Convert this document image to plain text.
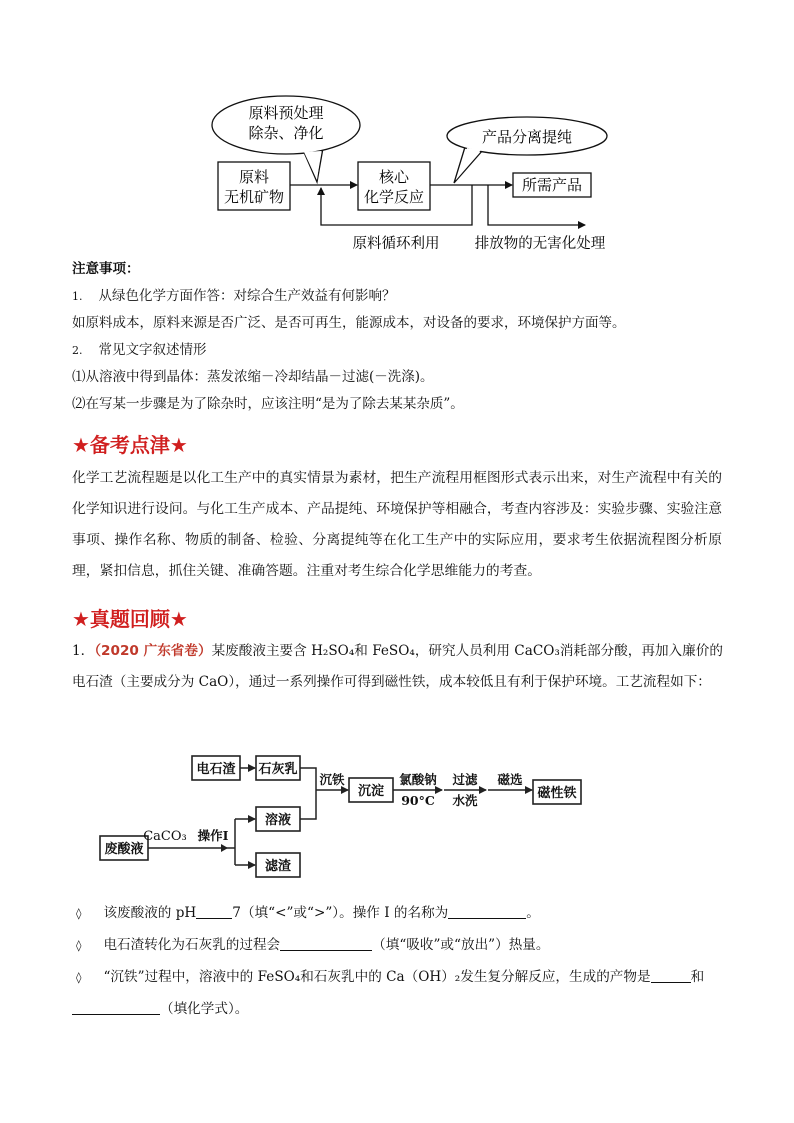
原料预处理
除杂、净化	产品分离提纯
原料
无机矿物
核心
化学反应
所需产品
原料循环利用 排放物的无害化处理
注意事项：
1. 从绿色化学方面作答：对综合生产效益有何影响？
如原料成本，原料来源是否广泛、是否可再生，能源成本，对设备的要求，环境保护方面等。
2. 常见文字叙述情形
⑴从溶液中得到晶体：蒸发浓缩－冷却结晶－过滤(－洗涤)。
⑵在写某一步骤是为了除杂时，应该注明“是为了除去某某杂质”。
★备考点津★
化学工艺流程题是以化工生产中的真实情景为素材，把生产流程用框图形式表示出来，对生产流程中有关的化学知识进行设问。与化工生产成本、产品提纯、环境保护等相融合，考查内容涉及：实验步骤、实验注意事项、操作名称、物质的制备、检验、分离提纯等在化工生产中的实际应用，要求考生依据流程图分析原理，紧扣信息，抓住关键、准确答题。注重对考生综合化学思维能力的考查。
★真题回顾★
1．（2020 广东省卷）某废酸液主要含 H₂SO₄和 FeSO₄，研究人员利用 CaCO₃消耗部分酸，再加入廉价的
电石渣（主要成分为 CaO），通过一系列操作可得到磁性铁，成本较低且有利于保护环境。工艺流程如下：
电石渣 石灰乳
废酸液
溶液
滤渣
沉淀	磁性铁
CaCO₃ 操作I
沉铁	氯酸钠
90°C
过滤
水洗
磁选
◊ 该废酸液的 pH	7（填“<”或“>”）。操作 I 的名称为	。
◊ 电石渣转化为石灰乳的过程会	（填“吸收”或“放出”）热量。
◊ “沉铁”过程中，溶液中的 FeSO₄和石灰乳中的 Ca（OH）₂发生复分解反应，生成的产物是	和
（填化学式）。
